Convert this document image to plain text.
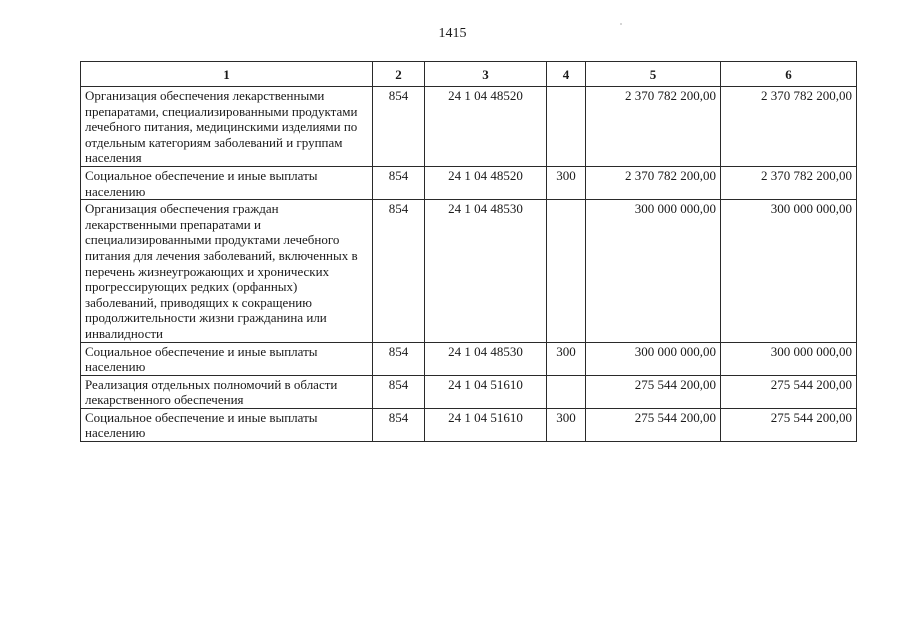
1415
1	2	3	4	5	6
Организация обеспечения лекарственными препаратами, специализированными продуктами лечебного питания, медицинскими изделиями по отдельным категориям заболеваний и группам населения	854	24 1 04 48520		2 370 782 200,00	2 370 782 200,00
Социальное обеспечение и иные выплаты населению	854	24 1 04 48520	300	2 370 782 200,00	2 370 782 200,00
Организация обеспечения граждан лекарственными препаратами и специализированными продуктами лечебного питания для лечения заболеваний, включенных в перечень жизнеугрожающих и хронических прогрессирующих редких (орфанных) заболеваний, приводящих к сокращению продолжительности жизни гражданина или инвалидности	854	24 1 04 48530		300 000 000,00	300 000 000,00
Социальное обеспечение и иные выплаты населению	854	24 1 04 48530	300	300 000 000,00	300 000 000,00
Реализация отдельных полномочий в области лекарственного обеспечения	854	24 1 04 51610		275 544 200,00	275 544 200,00
Социальное обеспечение и иные выплаты населению	854	24 1 04 51610	300	275 544 200,00	275 544 200,00
